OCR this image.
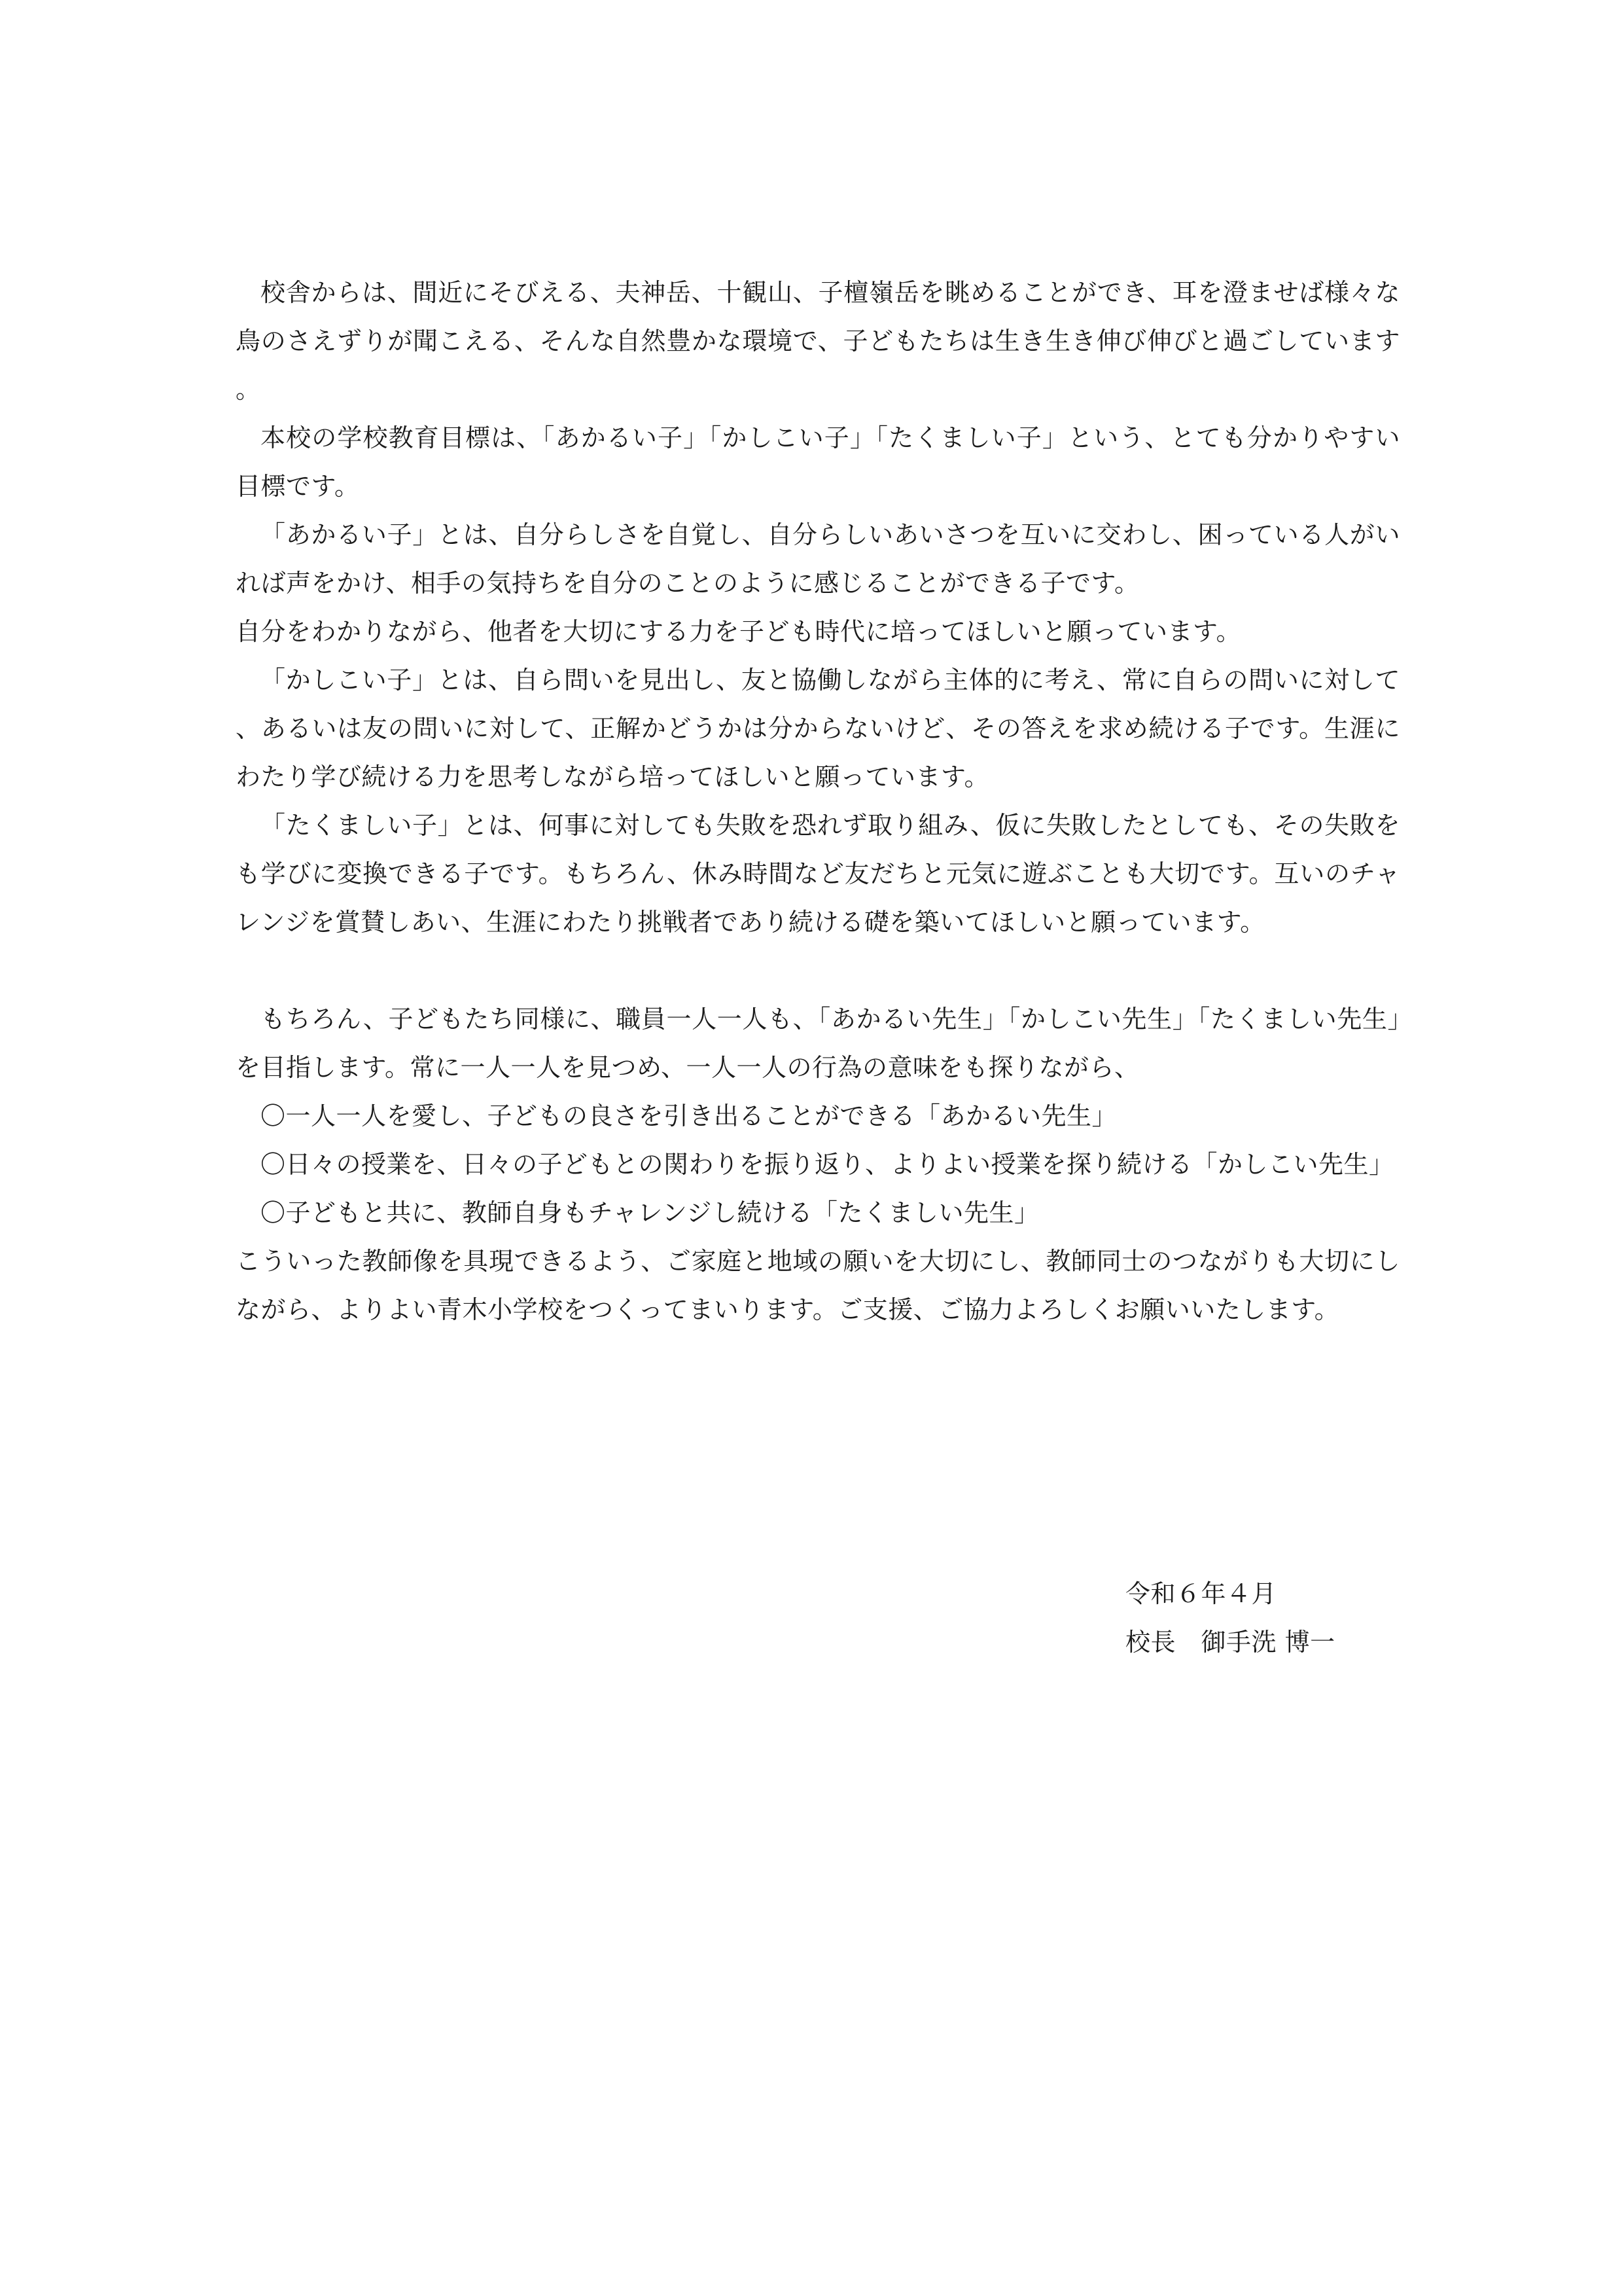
校舎からは、間近にそびえる、夫神岳、十観山、子檀嶺岳を眺めることができ、耳を澄ませば様々な鳥のさえずりが聞こえる、そんな自然豊かな環境で、子どもたちは生き生き伸び伸びと過ごしています。

本校の学校教育目標は、「あかるい子」「かしこい子」「たくましい子」という、とても分かりやすい目標です。

「あかるい子」とは、自分らしさを自覚し、自分らしいあいさつを互いに交わし、困っている人がいれば声をかけ、相手の気持ちを自分のことのように感じることができる子です。

自分をわかりながら、他者を大切にする力を子ども時代に培ってほしいと願っています。

「かしこい子」とは、自ら問いを見出し、友と協働しながら主体的に考え、常に自らの問いに対して、あるいは友の問いに対して、正解かどうかは分からないけど、その答えを求め続ける子です。生涯にわたり学び続ける力を思考しながら培ってほしいと願っています。

「たくましい子」とは、何事に対しても失敗を恐れず取り組み、仮に失敗したとしても、その失敗をも学びに変換できる子です。もちろん、休み時間など友だちと元気に遊ぶことも大切です。互いのチャレンジを賞賛しあい、生涯にわたり挑戦者であり続ける礎を築いてほしいと願っています。

もちろん、子どもたち同様に、職員一人一人も、「あかるい先生」「かしこい先生」「たくましい先生」を目指します。常に一人一人を見つめ、一人一人の行為の意味をも探りながら、

〇一人一人を愛し、子どもの良さを引き出ることができる「あかるい先生」
〇日々の授業を、日々の子どもとの関わりを振り返り、よりよい授業を探り続ける「かしこい先生」
〇子どもと共に、教師自身もチャレンジし続ける「たくましい先生」

こういった教師像を具現できるよう、ご家庭と地域の願いを大切にし、教師同士のつながりも大切にしながら、よりよい青木小学校をつくってまいります。ご支援、ご協力よろしくお願いいたします。

令和６年４月
校長　御手洗 博一
